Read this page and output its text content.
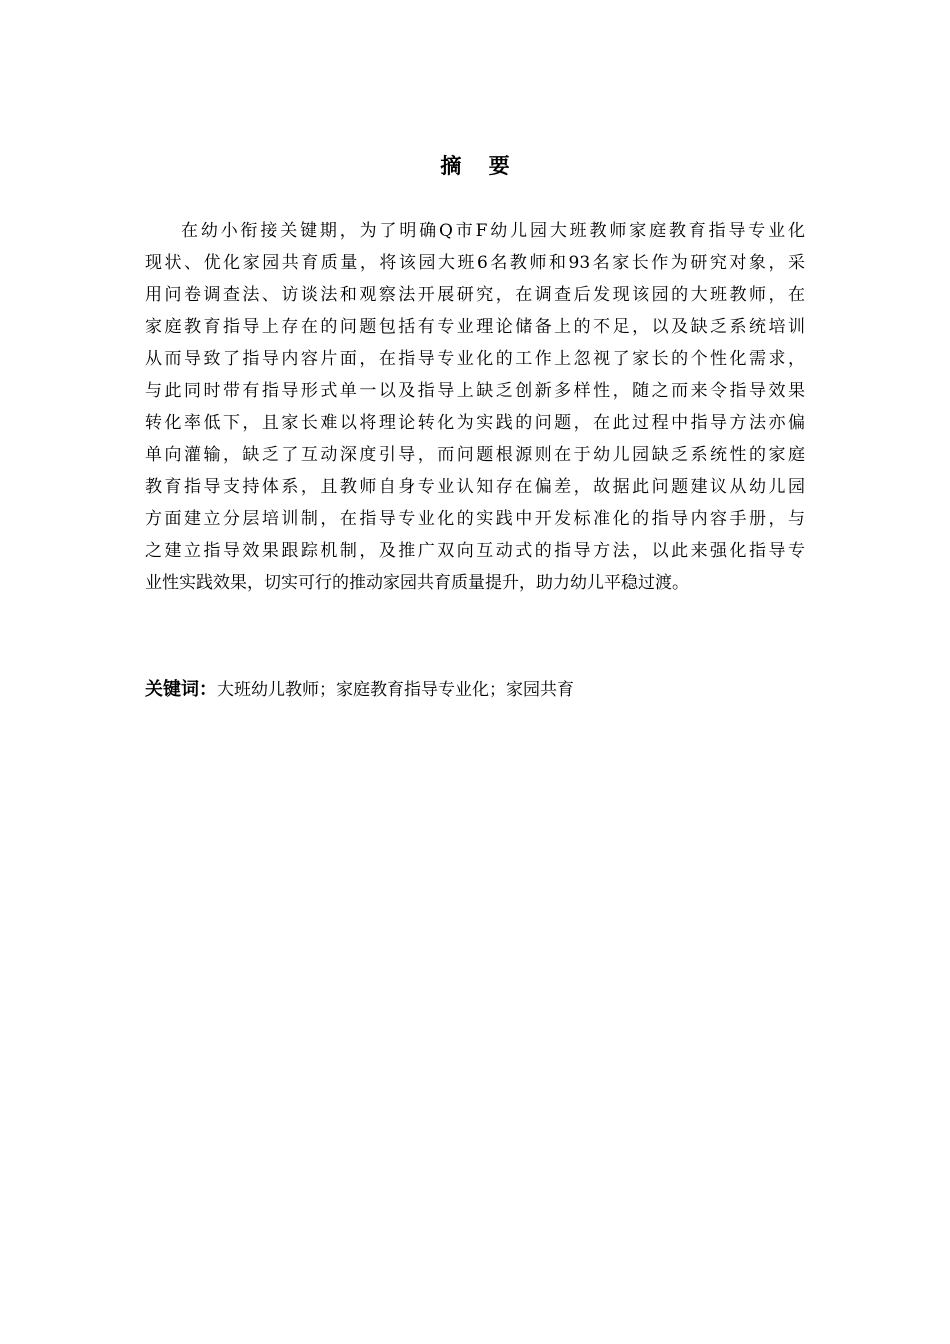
摘 要
在幼小衔接关键期，为了明确Q市F幼儿园大班教师家庭教育指导专业化
现状、优化家园共育质量，将该园大班6名教师和93名家长作为研究对象，采
用问卷调查法、访谈法和观察法开展研究，在调查后发现该园的大班教师，在
家庭教育指导上存在的问题包括有专业理论储备上的不足，以及缺乏系统培训
从而导致了指导内容片面，在指导专业化的工作上忽视了家长的个性化需求，
与此同时带有指导形式单一以及指导上缺乏创新多样性，随之而来令指导效果
转化率低下，且家长难以将理论转化为实践的问题，在此过程中指导方法亦偏
单向灌输，缺乏了互动深度引导，而问题根源则在于幼儿园缺乏系统性的家庭
教育指导支持体系，且教师自身专业认知存在偏差，故据此问题建议从幼儿园
方面建立分层培训制，在指导专业化的实践中开发标准化的指导内容手册，与
之建立指导效果跟踪机制，及推广双向互动式的指导方法，以此来强化指导专
业性实践效果，切实可行的推动家园共育质量提升，助力幼儿平稳过渡。
关键词：大班幼儿教师；家庭教育指导专业化；家园共育
